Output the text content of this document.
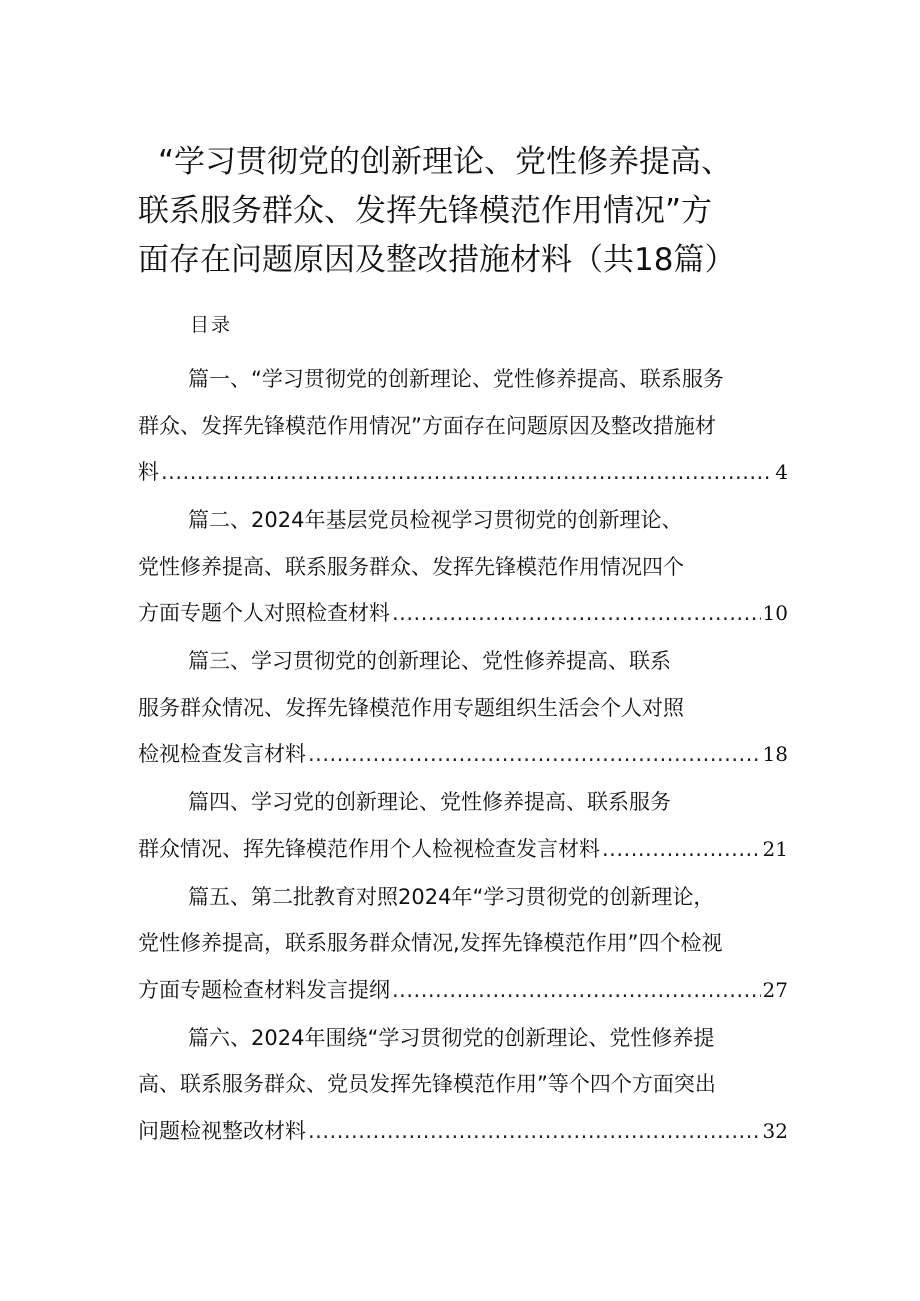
“学习贯彻党的创新理论、党性修养提高、
联系服务群众、发挥先锋模范作用情况”方
面存在问题原因及整改措施材料（共18篇）
目录
篇一、“学习贯彻党的创新理论、党性修养提高、联系服务
群众、发挥先锋模范作用情况”方面存在问题原因及整改措施材
料 .....	4
篇二、2024年基层党员检视学习贯彻党的创新理论、
党性修养提高、联系服务群众、发挥先锋模范作用情况四个
方面专题个人对照检查材料 .....	10
篇三、学习贯彻党的创新理论、党性修养提高、联系
服务群众情况、发挥先锋模范作用专题组织生活会个人对照
检视检查发言材料 .....	18
篇四、学习党的创新理论、党性修养提高、联系服务
群众情况、挥先锋模范作用个人检视检查发言材料 .....	21
篇五、第二批教育对照2024年“学习贯彻党的创新理论，
党性修养提高，联系服务群众情况,发挥先锋模范作用”四个检视
方面专题检查材料发言提纲 .....	27
篇六、2024年围绕“学习贯彻党的创新理论、党性修养提
高、联系服务群众、党员发挥先锋模范作用”等个四个方面突出
问题检视整改材料 .....	32
